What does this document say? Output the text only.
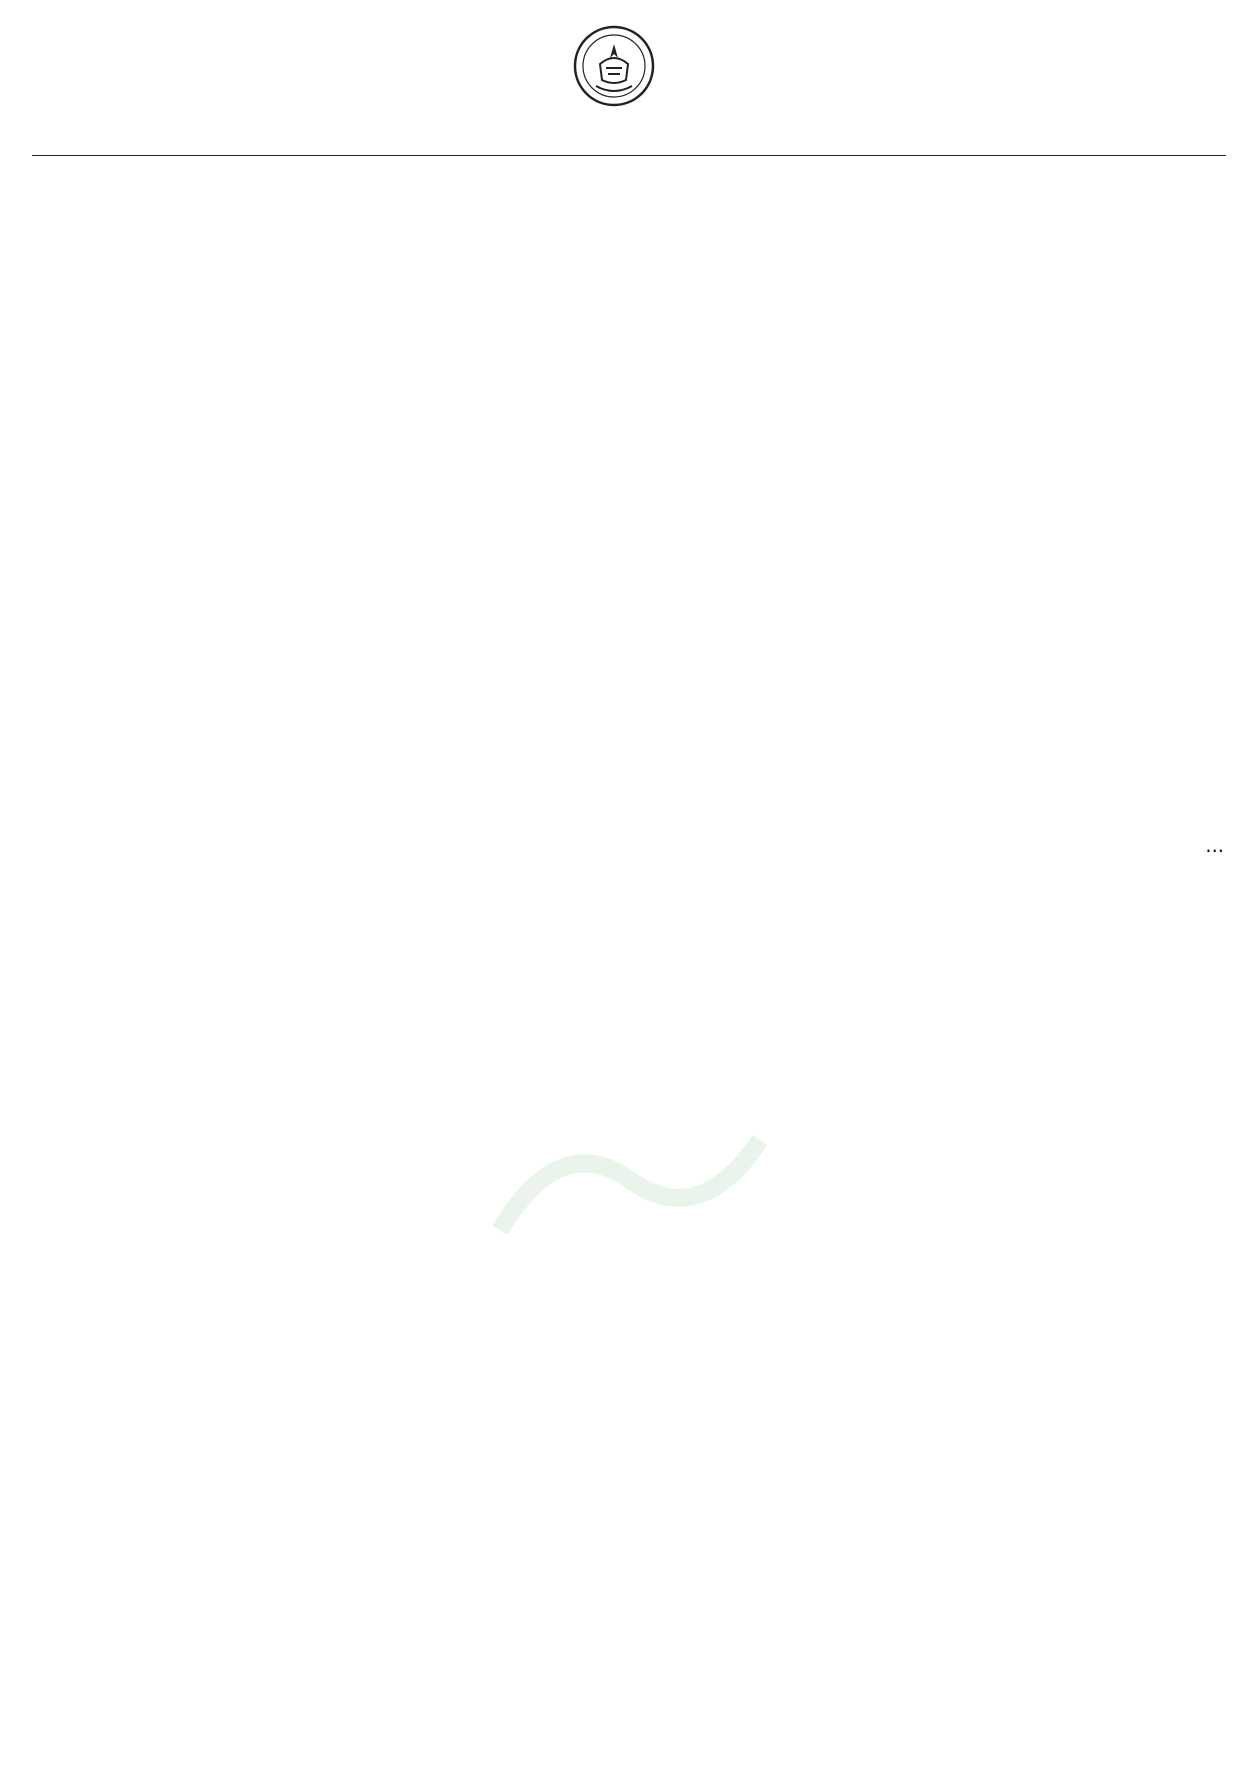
...
